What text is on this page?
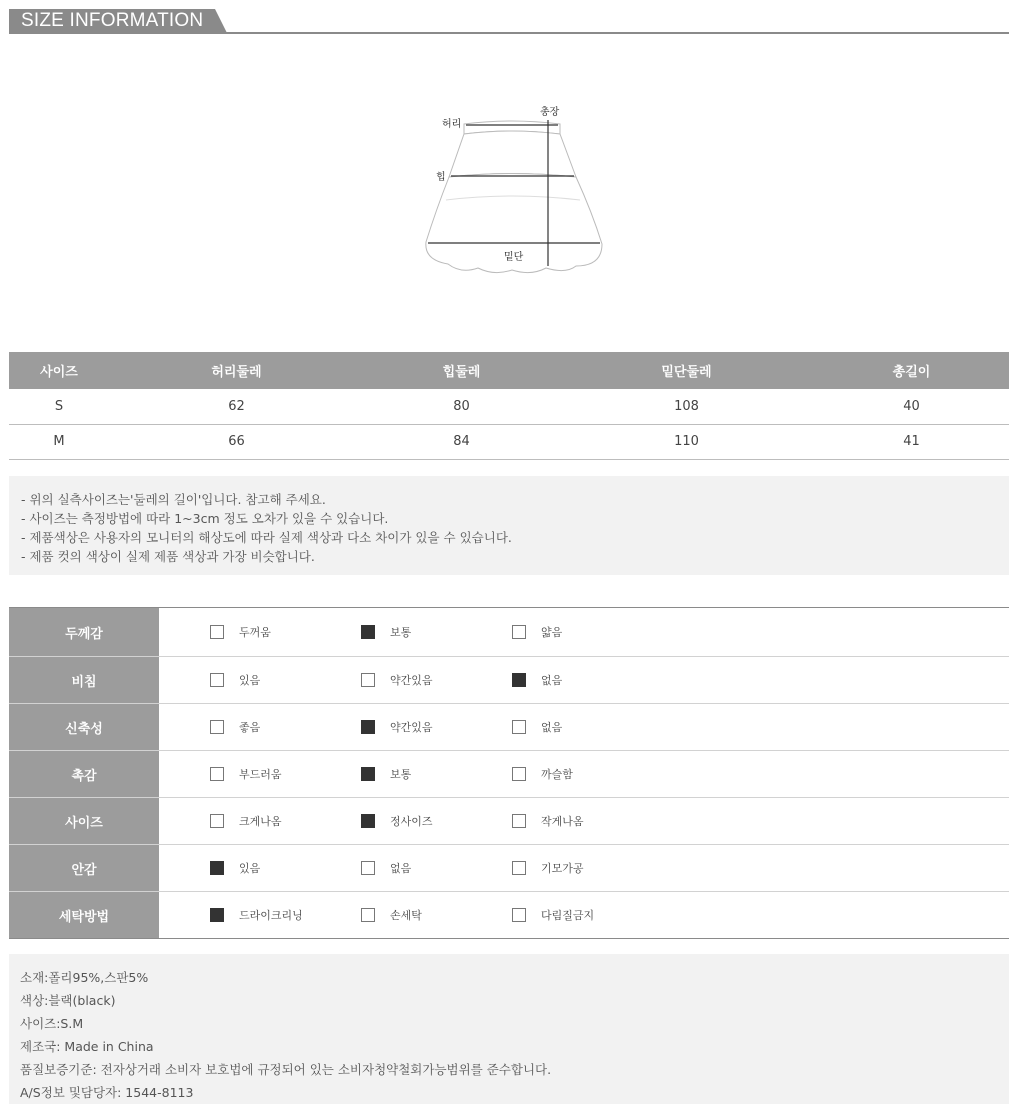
SIZE INFORMATION
허리
총장
힙
밑단
사이즈	허리둘레	힙둘레	밑단둘레	총길이
S	62	80	108	40
M	66	84	110	41

- 위의 실측사이즈는'둘레의 길이'입니다. 참고해 주세요.

- 사이즈는 측정방법에 따라 1~3cm 정도 오차가 있을 수 있습니다.

- 제품색상은 사용자의 모니터의 해상도에 따라 실제 색상과 다소 차이가 있을 수 있습니다.

- 제품 컷의 색상이 실제 제품 색상과 가장 비슷합니다.

두께감	두꺼움	보통	얇음
비침	있음	약간있음	없음
신축성	좋음	약간있음	없음
촉감	부드러움	보통	까슬함
사이즈	크게나옴	정사이즈	작게나옴
안감	있음	없음	기모가공
세탁방법	드라이크리닝	손세탁	다림질금지

소재:폴리95%,스판5%

색상:블랙(black)

사이즈:S.M

제조국: Made in China

품질보증기준: 전자상거래 소비자 보호법에 규정되어 있는 소비자청약철회가능범위를 준수합니다.

A/S정보 및담당자: 1544-8113
